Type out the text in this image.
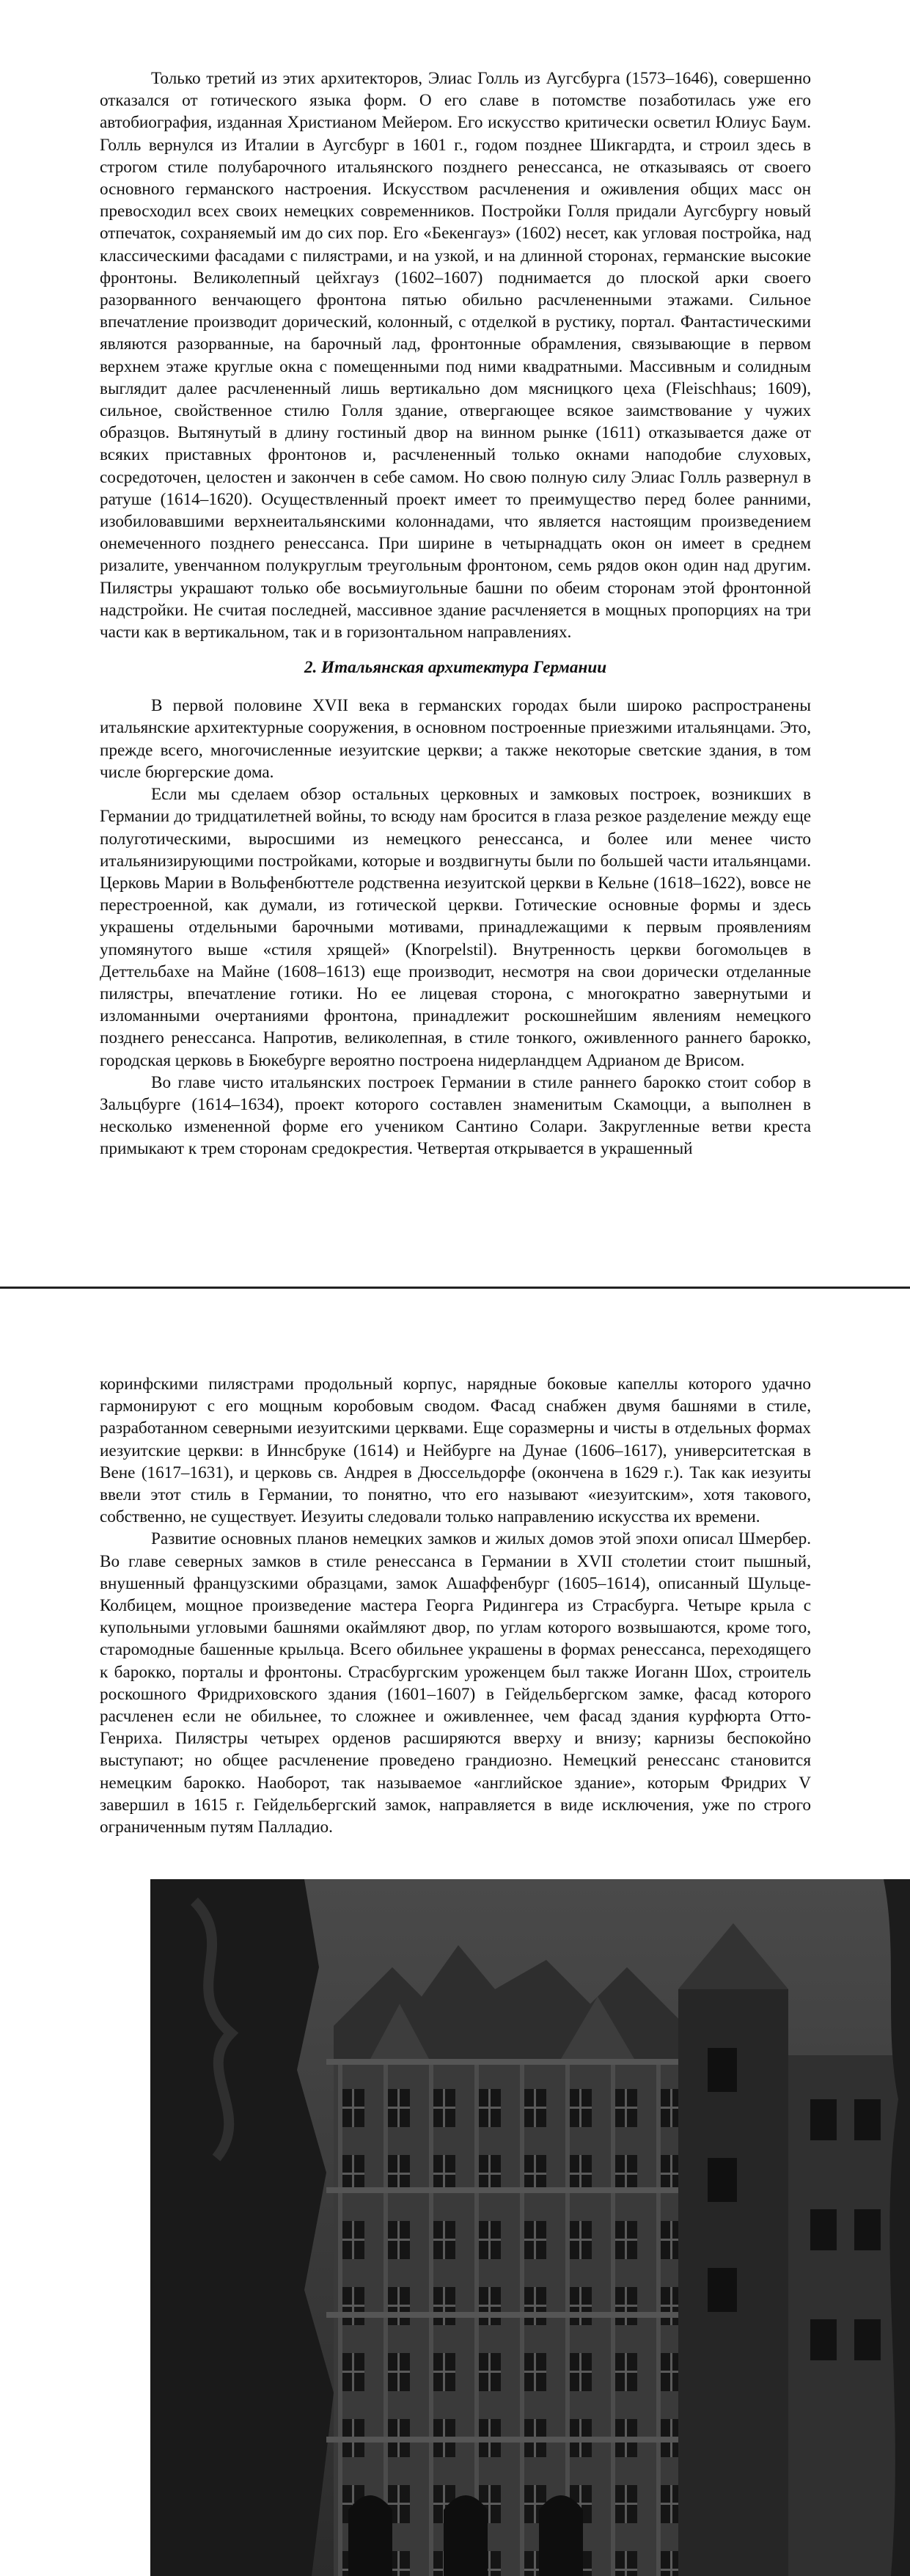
Только третий из этих архитекторов, Элиас Голль из Аугсбурга (1573–1646), совершенно отказался от готического языка форм. О его славе в потомстве позаботилась уже его автобиография, изданная Христианом Мейером. Его искусство критически осветил Юлиус Баум. Голль вернулся из Италии в Аугсбург в 1601 г., годом позднее Шикгардта, и строил здесь в строгом стиле полубарочного итальянского позднего ренессанса, не отказываясь от своего основного германского настроения. Искусством расчленения и оживления общих масс он превосходил всех своих немецких современников. Постройки Голля придали Аугсбургу новый отпечаток, сохраняемый им до сих пор. Его «Бекенгауз» (1602) несет, как угловая постройка, над классическими фасадами с пилястрами, и на узкой, и на длинной сторонах, германские высокие фронтоны. Великолепный цейхгауз (1602–1607) поднимается до плоской арки своего разорванного венчающего фронтона пятью обильно расчлененными этажами. Сильное впечатление производит дорический, колонный, с отделкой в рустику, портал. Фантастическими являются разорванные, на барочный лад, фронтонные обрамления, связывающие в первом верхнем этаже круглые окна с помещенными под ними квадратными. Массивным и солидным выглядит далее расчлененный лишь вертикально дом мясницкого цеха (Fleischhaus; 1609), сильное, свойственное стилю Голля здание, отвергающее всякое заимствование у чужих образцов. Вытянутый в длину гостиный двор на винном рынке (1611) отказывается даже от всяких приставных фронтонов и, расчлененный только окнами наподобие слуховых, сосредоточен, целостен и закончен в себе самом. Но свою полную силу Элиас Голль развернул в ратуше (1614–1620). Осуществленный проект имеет то преимущество перед более ранними, изобиловавшими верхнеитальянскими колоннадами, что является настоящим произведением онемеченного позднего ренессанса. При ширине в четырнадцать окон он имеет в среднем ризалите, увенчанном полукруглым треугольным фронтоном, семь рядов окон один над другим. Пилястры украшают только обе восьмиугольные башни по обеим сторонам этой фронтонной надстройки. Не считая последней, массивное здание расчленяется в мощных пропорциях на три части как в вертикальном, так и в горизонтальном направлениях.

2. Итальянская архитектура Германии

В первой половине XVII века в германских городах были широко распространены итальянские архитектурные сооружения, в основном построенные приезжими итальянцами. Это, прежде всего, многочисленные иезуитские церкви; а также некоторые светские здания, в том числе бюргерские дома.

Если мы сделаем обзор остальных церковных и замковых построек, возникших в Германии до тридцатилетней войны, то всюду нам бросится в глаза резкое разделение между еще полуготическими, выросшими из немецкого ренессанса, и более или менее чисто итальянизирующими постройками, которые и воздвигнуты были по большей части итальянцами. Церковь Марии в Вольфенбюттеле родственна иезуитской церкви в Кельне (1618–1622), вовсе не перестроенной, как думали, из готической церкви. Готические основные формы и здесь украшены отдельными барочными мотивами, принадлежащими к первым проявлениям упомянутого выше «стиля хрящей» (Knorpelstil). Внутренность церкви богомольцев в Деттельбахе на Майне (1608–1613) еще производит, несмотря на свои дорически отделанные пилястры, впечатление готики. Но ее лицевая сторона, с многократно завернутыми и изломанными очертаниями фронтона, принадлежит роскошнейшим явлениям немецкого позднего ренессанса. Напротив, великолепная, в стиле тонкого, оживленного раннего барокко, городская церковь в Бюкебурге вероятно построена нидерландцем Адрианом де Врисом.

Во главе чисто итальянских построек Германии в стиле раннего барокко стоит собор в Зальцбурге (1614–1634), проект которого составлен знаменитым Скамоцци, а выполнен в несколько измененной форме его учеником Сантино Солари. Закругленные ветви креста примыкают к трем сторонам средокрестия. Четвертая открывается в украшенный

коринфскими пилястрами продольный корпус, нарядные боковые капеллы которого удачно гармонируют с его мощным коробовым сводом. Фасад снабжен двумя башнями в стиле, разработанном северными иезуитскими церквами. Еще соразмерны и чисты в отдельных формах иезуитские церкви: в Иннсбруке (1614) и Нейбурге на Дунае (1606–1617), университетская в Вене (1617–1631), и церковь св. Андрея в Дюссельдорфе (окончена в 1629 г.). Так как иезуиты ввели этот стиль в Германии, то понятно, что его называют «иезуитским», хотя такового, собственно, не существует. Иезуиты следовали только направлению искусства их времени.

Развитие основных планов немецких замков и жилых домов этой эпохи описал Шмербер. Во главе северных замков в стиле ренессанса в Германии в XVII столетии стоит пышный, внушенный французскими образцами, замок Ашаффенбург (1605–1614), описанный Шульце-Колбицем, мощное произведение мастера Георга Ридингера из Страсбурга. Четыре крыла с купольными угловыми башнями окаймляют двор, по углам которого возвышаются, кроме того, старомодные башенные крыльца. Всего обильнее украшены в формах ренессанса, переходящего к барокко, порталы и фронтоны. Страсбургским уроженцем был также Иоганн Шох, строитель роскошного Фридриховского здания (1601–1607) в Гейдельбергском замке, фасад которого расчленен если не обильнее, то сложнее и оживленнее, чем фасад здания курфюрта Отто-Генриха. Пилястры четырех орденов расширяются вверху и внизу; карнизы беспокойно выступают; но общее расчленение проведено грандиозно. Немецкий ренессанс становится немецким барокко. Наоборот, так называемое «английское здание», которым Фридрих V завершил в 1615 г. Гейдельбергский замок, направляется в виде исключения, уже по строго ограниченным путям Палладио.
